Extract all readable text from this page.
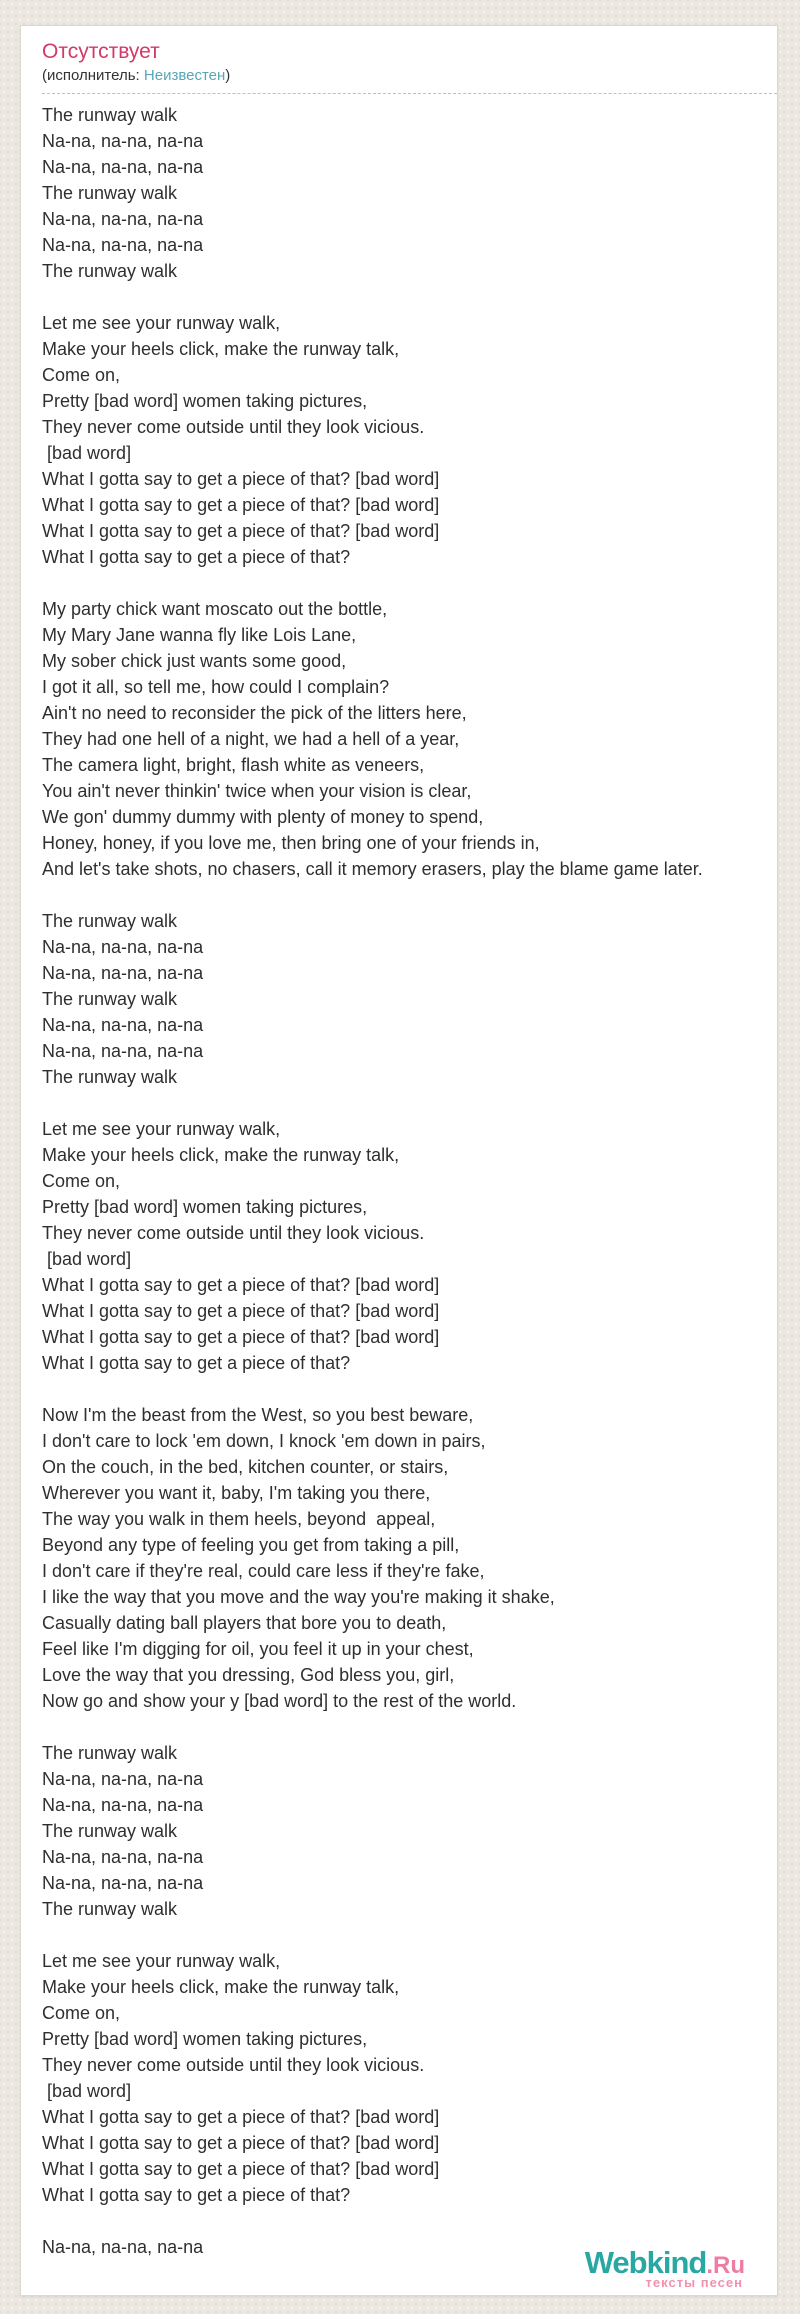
Отсутствует
(исполнитель: Неизвестен)
The runway walk
Na-na, na-na, na-na
Na-na, na-na, na-na
The runway walk
Na-na, na-na, na-na
Na-na, na-na, na-na
The runway walk
Let me see your runway walk,
Make your heels click, make the runway talk,
Come on,
Pretty [bad word] women taking pictures,
They never come outside until they look vicious.
[bad word]
What I gotta say to get a piece of that? [bad word]
What I gotta say to get a piece of that? [bad word]
What I gotta say to get a piece of that? [bad word]
What I gotta say to get a piece of that?
My party chick want moscato out the bottle,
My Mary Jane wanna fly like Lois Lane,
My sober chick just wants some good,
I got it all, so tell me, how could I complain?
Ain't no need to reconsider the pick of the litters here,
They had one hell of a night, we had a hell of a year,
The camera light, bright, flash white as veneers,
You ain't never thinkin' twice when your vision is clear,
We gon' dummy dummy with plenty of money to spend,
Honey, honey, if you love me, then bring one of your friends in,
And let's take shots, no chasers, call it memory erasers, play the blame game later.
The runway walk
Na-na, na-na, na-na
Na-na, na-na, na-na
The runway walk
Na-na, na-na, na-na
Na-na, na-na, na-na
The runway walk
Let me see your runway walk,
Make your heels click, make the runway talk,
Come on,
Pretty [bad word] women taking pictures,
They never come outside until they look vicious.
[bad word]
What I gotta say to get a piece of that? [bad word]
What I gotta say to get a piece of that? [bad word]
What I gotta say to get a piece of that? [bad word]
What I gotta say to get a piece of that?
Now I'm the beast from the West, so you best beware,
I don't care to lock 'em down, I knock 'em down in pairs,
On the couch, in the bed, kitchen counter, or stairs,
Wherever you want it, baby, I'm taking you there,
The way you walk in them heels, beyond  appeal,
Beyond any type of feeling you get from taking a pill,
I don't care if they're real, could care less if they're fake,
I like the way that you move and the way you're making it shake,
Casually dating ball players that bore you to death,
Feel like I'm digging for oil, you feel it up in your chest,
Love the way that you dressing, God bless you, girl,
Now go and show your y [bad word] to the rest of the world.
The runway walk
Na-na, na-na, na-na
Na-na, na-na, na-na
The runway walk
Na-na, na-na, na-na
Na-na, na-na, na-na
The runway walk
Let me see your runway walk,
Make your heels click, make the runway talk,
Come on,
Pretty [bad word] women taking pictures,
They never come outside until they look vicious.
[bad word]
What I gotta say to get a piece of that? [bad word]
What I gotta say to get a piece of that? [bad word]
What I gotta say to get a piece of that? [bad word]
What I gotta say to get a piece of that?
Na-na, na-na, na-na	Webkind.Ru
тексты песен
